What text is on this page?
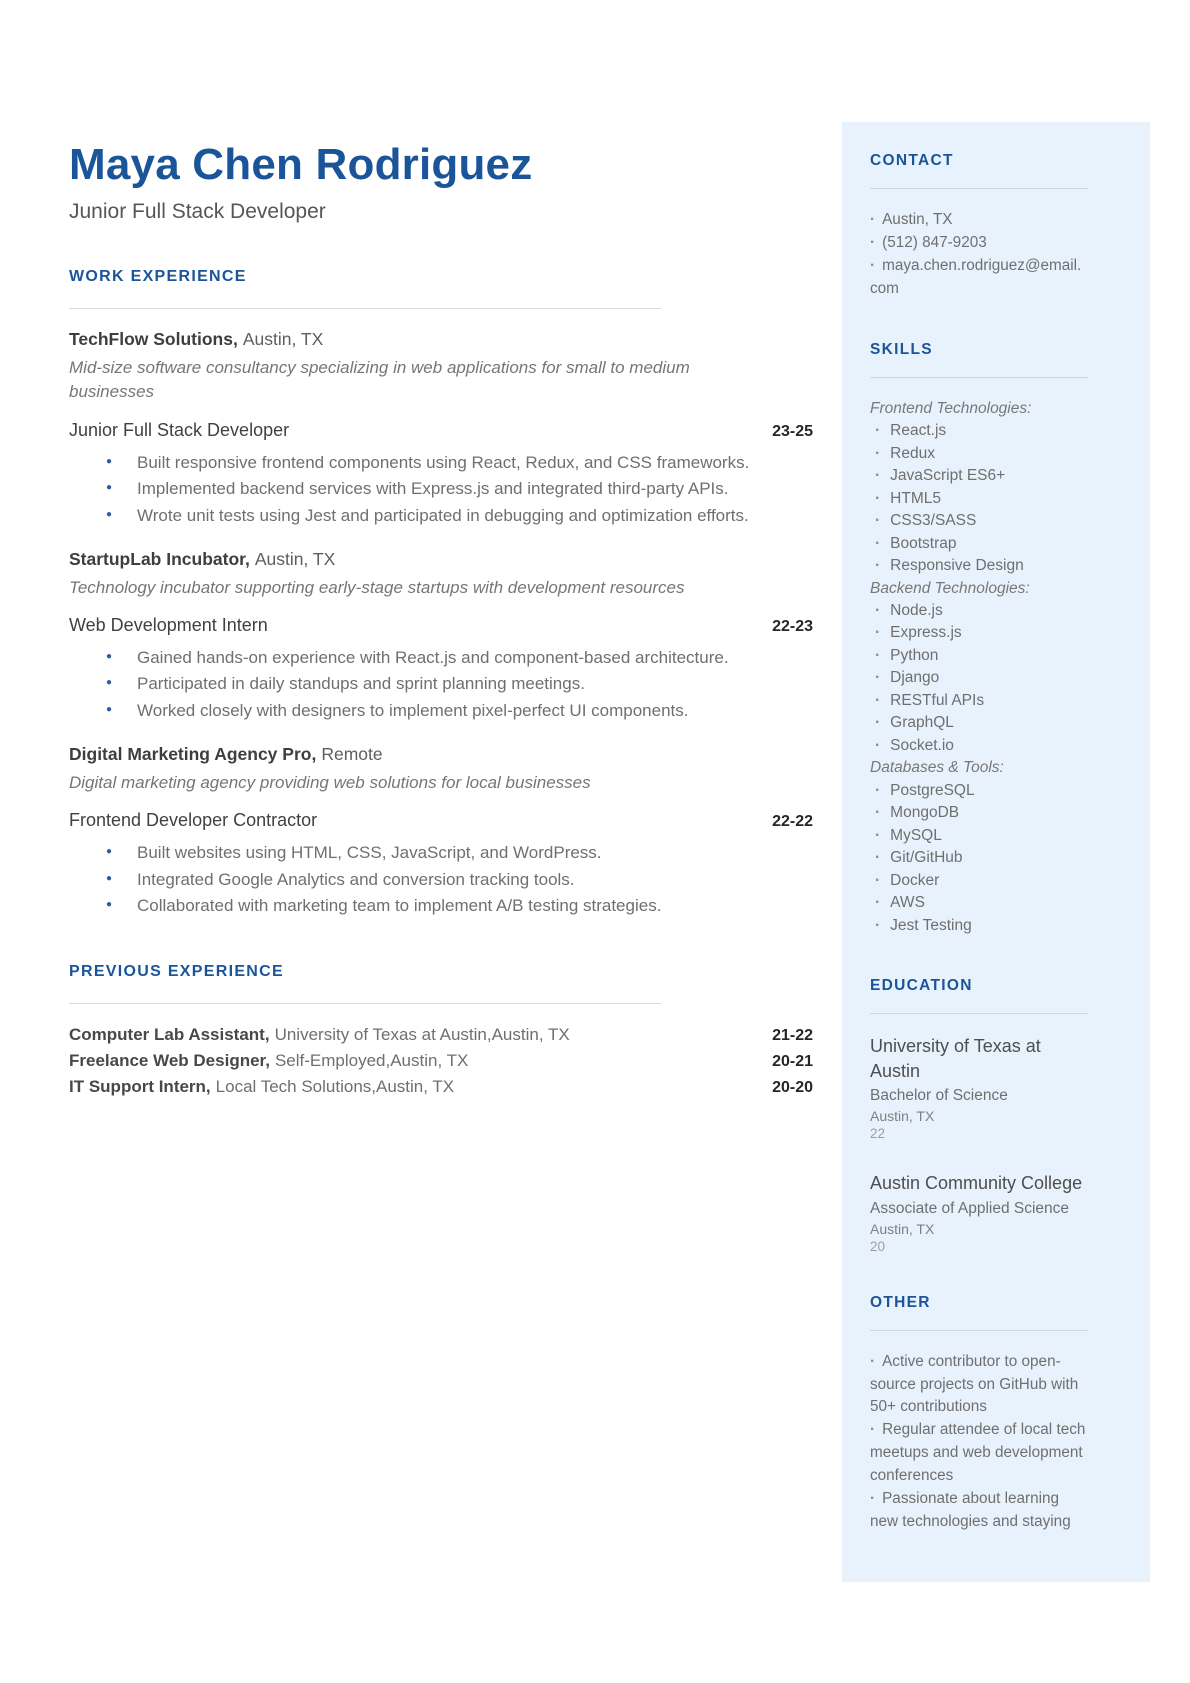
Maya Chen Rodriguez
Junior Full Stack Developer
WORK EXPERIENCE
TechFlow Solutions, Austin, TX
Mid-size software consultancy specializing in web applications for small to medium businesses
Junior Full Stack Developer	23-25
● Built responsive frontend components using React, Redux, and CSS frameworks.
● Implemented backend services with Express.js and integrated third-party APIs.
● Wrote unit tests using Jest and participated in debugging and optimization efforts.
StartupLab Incubator, Austin, TX
Technology incubator supporting early-stage startups with development resources
Web Development Intern	22-23
● Gained hands-on experience with React.js and component-based architecture.
● Participated in daily standups and sprint planning meetings.
● Worked closely with designers to implement pixel-perfect UI components.
Digital Marketing Agency Pro, Remote
Digital marketing agency providing web solutions for local businesses
Frontend Developer Contractor	22-22
● Built websites using HTML, CSS, JavaScript, and WordPress.
● Integrated Google Analytics and conversion tracking tools.
● Collaborated with marketing team to implement A/B testing strategies.
PREVIOUS EXPERIENCE
Computer Lab Assistant, University of Texas at Austin,Austin, TX	21-22
Freelance Web Designer, Self-Employed,Austin, TX	20-21
IT Support Intern, Local Tech Solutions,Austin, TX	20-20
CONTACT
· Austin, TX
· (512) 847-9203
· maya.chen.rodriguez@email.com
SKILLS
Frontend Technologies:
· React.js
· Redux
· JavaScript ES6+
· HTML5
· CSS3/SASS
· Bootstrap
· Responsive Design
Backend Technologies:
· Node.js
· Express.js
· Python
· Django
· RESTful APIs
· GraphQL
· Socket.io
Databases & Tools:
· PostgreSQL
· MongoDB
· MySQL
· Git/GitHub
· Docker
· AWS
· Jest Testing
EDUCATION
University of Texas at Austin
Bachelor of Science
Austin, TX
22
Austin Community College
Associate of Applied Science
Austin, TX
20
OTHER
· Active contributor to open-source projects on GitHub with 50+ contributions
· Regular attendee of local tech meetups and web development conferences
· Passionate about learning new technologies and staying
